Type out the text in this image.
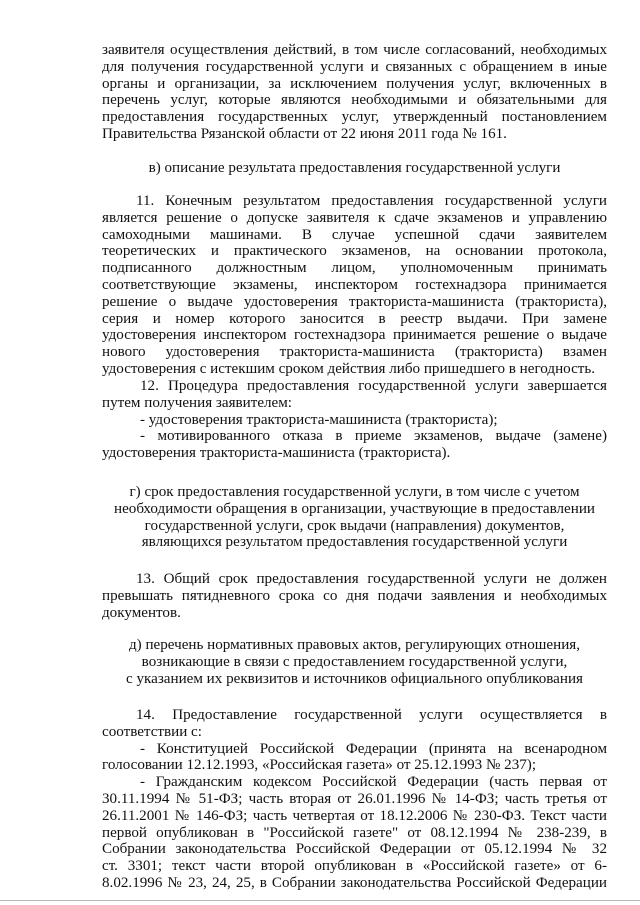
заявителя осуществления действий, в том числе согласований, необходимых
для получения государственной услуги и связанных с обращением в иные
органы и организации, за исключением получения услуг, включенных в
перечень услуг, которые являются необходимыми и обязательными для
предоставления государственных услуг, утвержденный постановлением
Правительства Рязанской области от 22 июня 2011 года № 161.
в) описание результата предоставления государственной услуги
11. Конечным результатом предоставления государственной услуги
является решение о допуске заявителя к сдаче экзаменов и управлению
самоходными машинами. В случае успешной сдачи заявителем
теоретических и практического экзаменов, на основании протокола,
подписанного должностным лицом, уполномоченным принимать
соответствующие экзамены, инспектором гостехнадзора принимается
решение о выдаче удостоверения тракториста-машиниста (тракториста),
серия и номер которого заносится в реестр выдачи. При замене
удостоверения инспектором гостехнадзора принимается решение о выдаче
нового удостоверения тракториста-машиниста (тракториста) взамен
удостоверения с истекшим сроком действия либо пришедшего в негодность.
12. Процедура предоставления государственной услуги завершается
путем получения заявителем:
- удостоверения тракториста-машиниста (тракториста);
- мотивированного отказа в приеме экзаменов, выдаче (замене)
удостоверения тракториста-машиниста (тракториста).
г) срок предоставления государственной услуги, в том числе с учетом
необходимости обращения в организации, участвующие в предоставлении
государственной услуги, срок выдачи (направления) документов,
являющихся результатом предоставления государственной услуги
13. Общий срок предоставления государственной услуги не должен
превышать пятидневного срока со дня подачи заявления и необходимых
документов.
д) перечень нормативных правовых актов, регулирующих отношения,
возникающие в связи с предоставлением государственной услуги,
с указанием их реквизитов и источников официального опубликования
14. Предоставление государственной услуги осуществляется в
соответствии с:
- Конституцией Российской Федерации (принята на всенародном
голосовании 12.12.1993, «Российская газета» от 25.12.1993 № 237);
- Гражданским кодексом Российской Федерации (часть первая от
30.11.1994 № 51-ФЗ; часть вторая от 26.01.1996 № 14-ФЗ; часть третья от
26.11.2001 № 146-ФЗ; часть четвертая от 18.12.2006 № 230-ФЗ. Текст части
первой опубликован в "Российской газете" от 08.12.1994 № 238-239, в
Собрании законодательства Российской Федерации от 05.12.1994 № 32
ст. 3301; текст части второй опубликован в «Российской газете» от 6-
8.02.1996 № 23, 24, 25, в Собрании законодательства Российской Федерации
